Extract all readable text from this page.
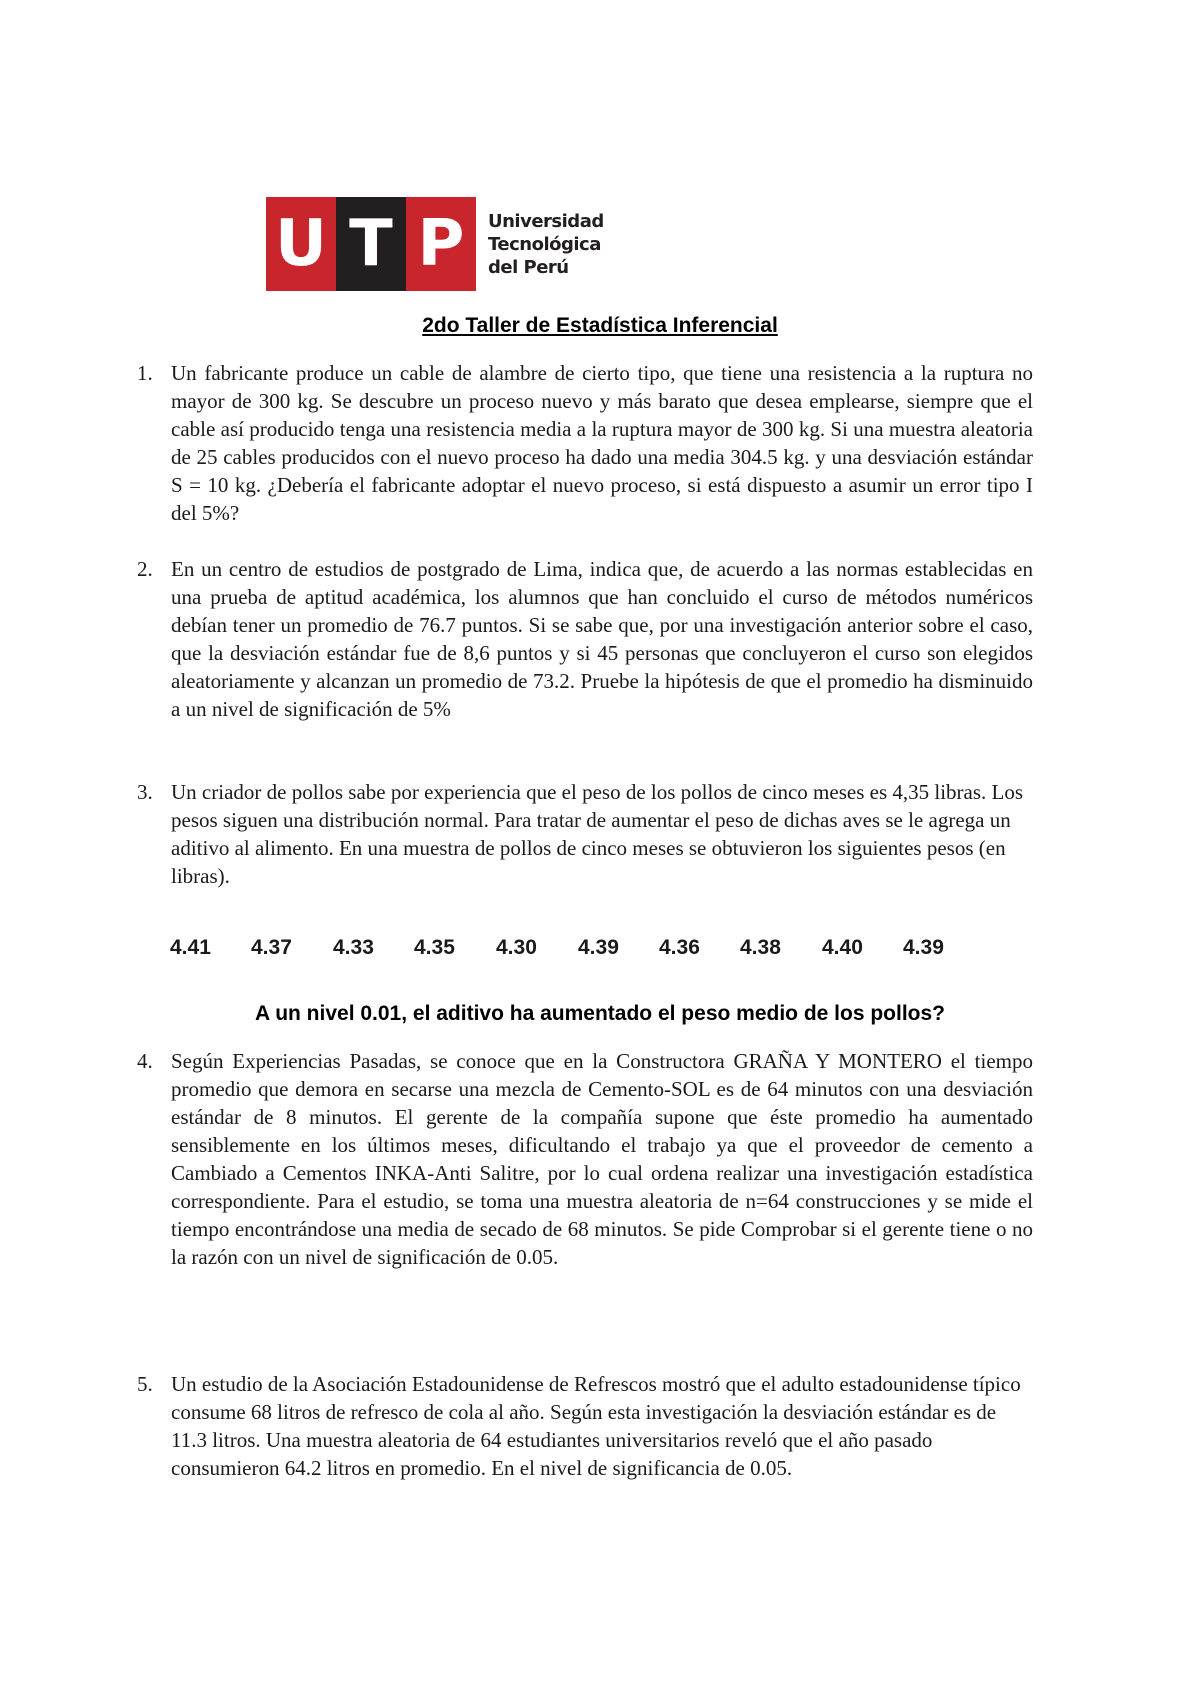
U T P	Universidad
Tecnológica
del Perú
2do Taller de Estadística Inferencial
1. Un fabricante produce un cable de alambre de cierto tipo, que tiene una resistencia a la ruptura no mayor de 300 kg. Se descubre un proceso nuevo y más barato que desea emplearse, siempre que el cable así producido tenga una resistencia media a la ruptura mayor de 300 kg. Si una muestra aleatoria de 25 cables producidos con el nuevo proceso ha dado una media 304.5 kg. y una desviación estándar S = 10 kg. ¿Debería el fabricante adoptar el nuevo proceso, si está dispuesto a asumir un error tipo I del 5%?
2. En un centro de estudios de postgrado de Lima, indica que, de acuerdo a las normas establecidas en una prueba de aptitud académica, los alumnos que han concluido el curso de métodos numéricos debían tener un promedio de 76.7 puntos. Si se sabe que, por una investigación anterior sobre el caso, que la desviación estándar fue de 8,6 puntos y si 45 personas que concluyeron el curso son elegidos aleatoriamente y alcanzan un promedio de 73.2. Pruebe la hipótesis de que el promedio ha disminuido a un nivel de significación de 5%
3. Un criador de pollos sabe por experiencia que el peso de los pollos de cinco meses es 4,35 libras. Los pesos siguen una distribución normal. Para tratar de aumentar el peso de dichas aves se le agrega un aditivo al alimento. En una muestra de pollos de cinco meses se obtuvieron los siguientes pesos (en libras).
4.41 4.37 4.33 4.35 4.30 4.39 4.36 4.38 4.40 4.39
A un nivel 0.01, el aditivo ha aumentado el peso medio de los pollos?
4. Según Experiencias Pasadas, se conoce que en la Constructora GRAÑA Y MONTERO el tiempo promedio que demora en secarse una mezcla de Cemento-SOL es de 64 minutos con una desviación estándar de 8 minutos. El gerente de la compañía supone que éste promedio ha aumentado sensiblemente en los últimos meses, dificultando el trabajo ya que el proveedor de cemento a Cambiado a Cementos INKA-Anti Salitre, por lo cual ordena realizar una investigación estadística correspondiente. Para el estudio, se toma una muestra aleatoria de n=64 construcciones y se mide el tiempo encontrándose una media de secado de 68 minutos. Se pide Comprobar si el gerente tiene o no la razón con un nivel de significación de 0.05.
5. Un estudio de la Asociación Estadounidense de Refrescos mostró que el adulto estadounidense típico consume 68 litros de refresco de cola al año. Según esta investigación la desviación estándar es de 11.3 litros. Una muestra aleatoria de 64 estudiantes universitarios reveló que el año pasado consumieron 64.2 litros en promedio. En el nivel de significancia de 0.05.
